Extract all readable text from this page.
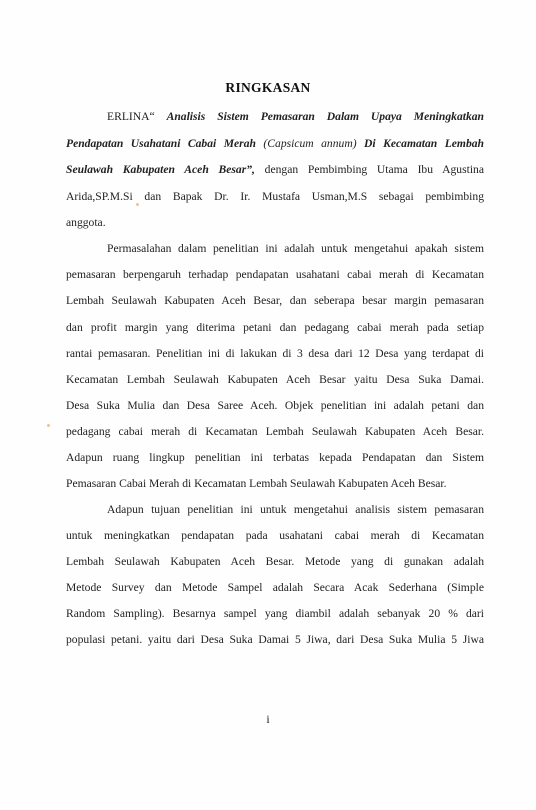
RINGKASAN
ERLINA“ Analisis Sistem Pemasaran Dalam Upaya Meningkatkan
Pendapatan Usahatani Cabai Merah (Capsicum annum) Di Kecamatan Lembah
Seulawah Kabupaten Aceh Besar”, dengan Pembimbing Utama Ibu Agustina
Arida,SP.M.Si dan Bapak Dr. Ir. Mustafa Usman,M.S sebagai pembimbing
anggota.
Permasalahan dalam penelitian ini adalah untuk mengetahui apakah sistem
pemasaran berpengaruh terhadap pendapatan usahatani cabai merah di Kecamatan
Lembah Seulawah Kabupaten Aceh Besar, dan seberapa besar margin pemasaran
dan profit margin yang diterima petani dan pedagang cabai merah pada setiap
rantai pemasaran. Penelitian ini di lakukan di 3 desa dari 12 Desa yang terdapat di
Kecamatan Lembah Seulawah Kabupaten Aceh Besar yaitu Desa Suka Damai.
Desa Suka Mulia dan Desa Saree Aceh. Objek penelitian ini adalah petani dan
pedagang cabai merah di Kecamatan Lembah Seulawah Kabupaten Aceh Besar.
Adapun ruang lingkup penelitian ini terbatas kepada Pendapatan dan Sistem
Pemasaran Cabai Merah di Kecamatan Lembah Seulawah Kabupaten Aceh Besar.
Adapun tujuan penelitian ini untuk mengetahui analisis sistem pemasaran
untuk meningkatkan pendapatan pada usahatani cabai merah di Kecamatan
Lembah Seulawah Kabupaten Aceh Besar. Metode yang di gunakan adalah
Metode Survey dan Metode Sampel adalah Secara Acak Sederhana (Simple
Random Sampling). Besarnya sampel yang diambil adalah sebanyak 20 % dari
populasi petani. yaitu dari Desa Suka Damai 5 Jiwa, dari Desa Suka Mulia 5 Jiwa
i
